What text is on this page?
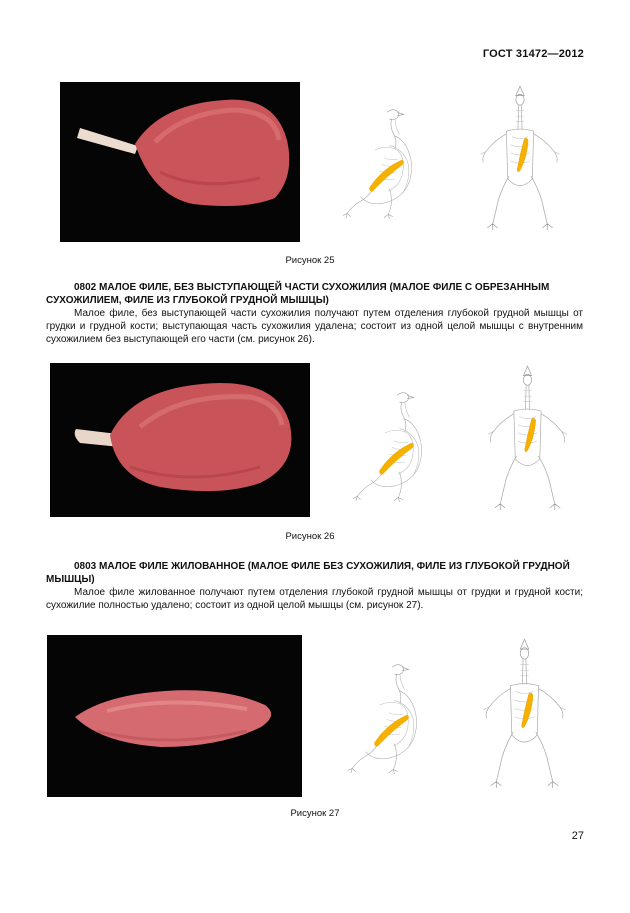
ГОСТ 31472—2012
Рисунок 25
0802 МАЛОЕ ФИЛЕ, БЕЗ ВЫСТУПАЮЩЕЙ ЧАСТИ СУХОЖИЛИЯ (МАЛОЕ ФИЛЕ С ОБРЕЗАННЫМ СУХОЖИЛИЕМ, ФИЛЕ ИЗ ГЛУБОКОЙ ГРУДНОЙ МЫШЦЫ)
Малое филе, без выступающей части сухожилия получают путем отделения глубокой грудной мышцы от грудки и грудной кости; выступающая часть сухожилия удалена; состоит из одной целой мышцы с внутренним сухожилием без выступающей его части (см. рисунок 26).
Рисунок 26
0803 МАЛОЕ ФИЛЕ ЖИЛОВАННОЕ (МАЛОЕ ФИЛЕ БЕЗ СУХОЖИЛИЯ, ФИЛЕ ИЗ ГЛУБОКОЙ ГРУДНОЙ МЫШЦЫ)
Малое филе жилованное получают путем отделения глубокой грудной мышцы от грудки и грудной кости; сухожилие полностью удалено; состоит из одной целой мышцы (см. рисунок 27).
Рисунок 27
27
